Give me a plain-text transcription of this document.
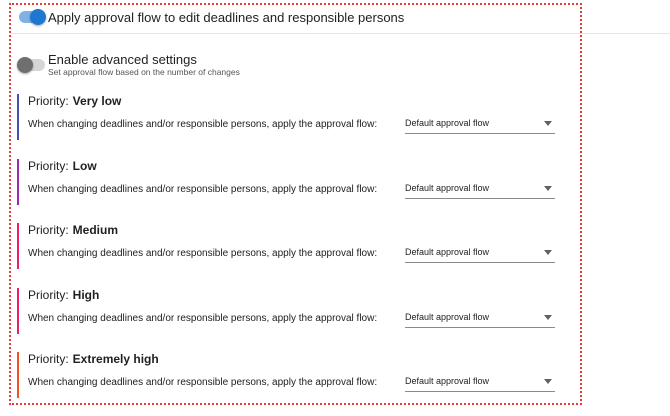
Apply approval flow to edit deadlines and responsible persons
Enable advanced settings
Set approval flow based on the number of changes
Priority: Very low
When changing deadlines and/or responsible persons, apply the approval flow:	Default approval flow
Priority: Low
When changing deadlines and/or responsible persons, apply the approval flow:	Default approval flow
Priority: Medium
When changing deadlines and/or responsible persons, apply the approval flow:	Default approval flow
Priority: High
When changing deadlines and/or responsible persons, apply the approval flow:	Default approval flow
Priority: Extremely high
When changing deadlines and/or responsible persons, apply the approval flow:	Default approval flow
